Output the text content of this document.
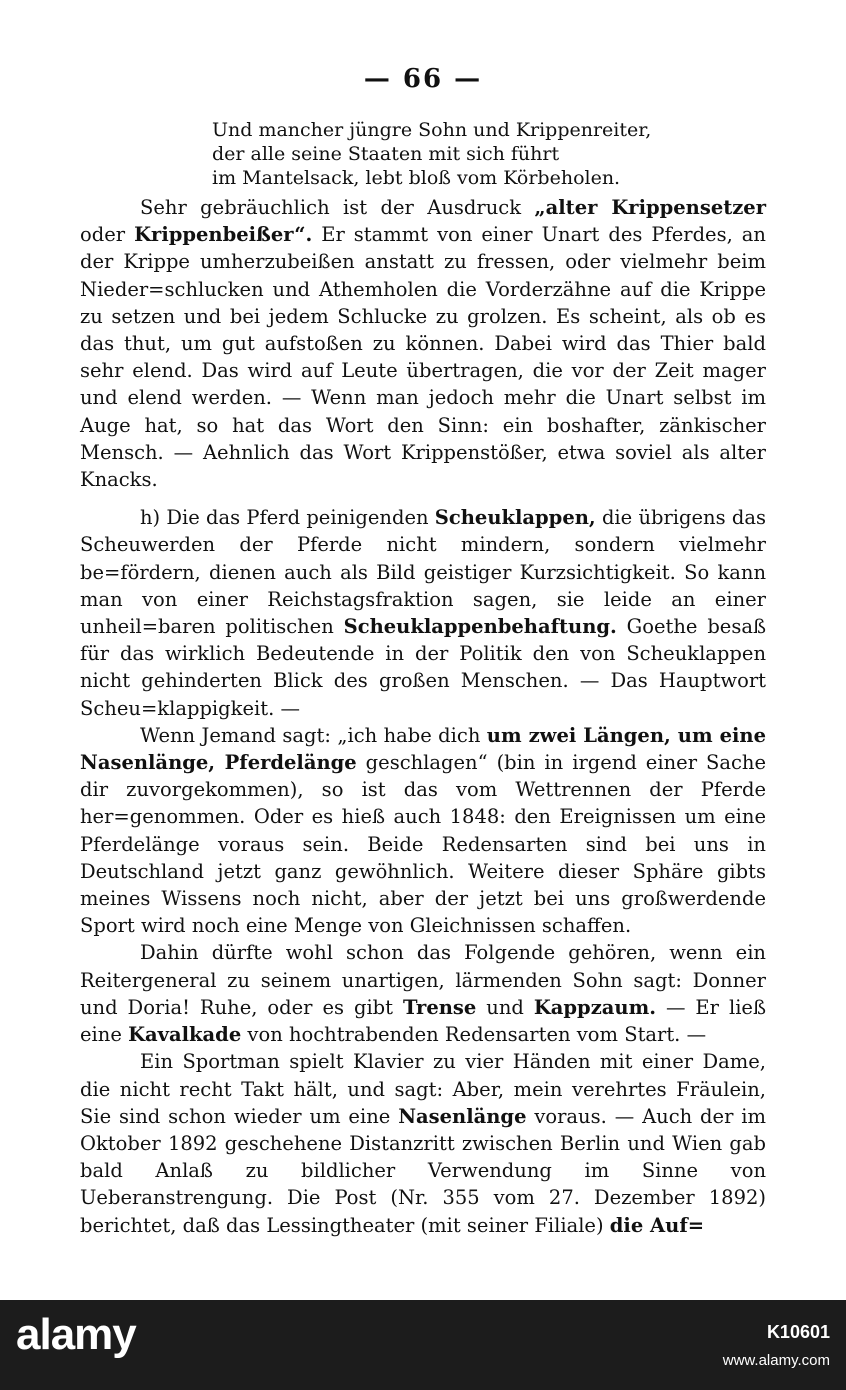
— 66 —
Und mancher jüngre Sohn und Krippenreiter,
der alle seine Staaten mit sich führt
im Mantelsack, lebt bloß vom Körbeholen.

Sehr gebräuchlich ist der Ausdruck „alter Krippensetzer oder Krippenbeißer“. Er stammt von einer Unart des Pferdes, an der Krippe umherzubeißen anstatt zu fressen, oder vielmehr beim Nieder=schlucken und Athemholen die Vorderzähne auf die Krippe zu setzen und bei jedem Schlucke zu grolzen. Es scheint, als ob es das thut, um gut aufstoßen zu können. Dabei wird das Thier bald sehr elend. Das wird auf Leute übertragen, die vor der Zeit mager und elend werden. — Wenn man jedoch mehr die Unart selbst im Auge hat, so hat das Wort den Sinn: ein boshafter, zänkischer Mensch. — Aehnlich das Wort Krippenstößer, etwa soviel als alter Knacks.

h) Die das Pferd peinigenden Scheuklappen, die übrigens das Scheuwerden der Pferde nicht mindern, sondern vielmehr be=fördern, dienen auch als Bild geistiger Kurzsichtigkeit. So kann man von einer Reichstagsfraktion sagen, sie leide an einer unheil=baren politischen Scheuklappenbehaftung. Goethe besaß für das wirklich Bedeutende in der Politik den von Scheuklappen nicht gehinderten Blick des großen Menschen. — Das Hauptwort Scheu=klappigkeit. —

Wenn Jemand sagt: „ich habe dich um zwei Längen, um eine Nasenlänge, Pferdelänge geschlagen“ (bin in irgend einer Sache dir zuvorgekommen), so ist das vom Wettrennen der Pferde her=genommen. Oder es hieß auch 1848: den Ereignissen um eine Pferdelänge voraus sein. Beide Redensarten sind bei uns in Deutschland jetzt ganz gewöhnlich. Weitere dieser Sphäre gibts meines Wissens noch nicht, aber der jetzt bei uns großwerdende Sport wird noch eine Menge von Gleichnissen schaffen.

Dahin dürfte wohl schon das Folgende gehören, wenn ein Reitergeneral zu seinem unartigen, lärmenden Sohn sagt: Donner und Doria! Ruhe, oder es gibt Trense und Kappzaum. — Er ließ eine Kavalkade von hochtrabenden Redensarten vom Start. —

Ein Sportman spielt Klavier zu vier Händen mit einer Dame, die nicht recht Takt hält, und sagt: Aber, mein verehrtes Fräulein, Sie sind schon wieder um eine Nasenlänge voraus. — Auch der im Oktober 1892 geschehene Distanzritt zwischen Berlin und Wien gab bald Anlaß zu bildlicher Verwendung im Sinne von Ueberanstrengung. Die Post (Nr. 355 vom 27. Dezember 1892) berichtet, daß das Lessingtheater (mit seiner Filiale) die Auf=

alamy	K10601
www.alamy.com
